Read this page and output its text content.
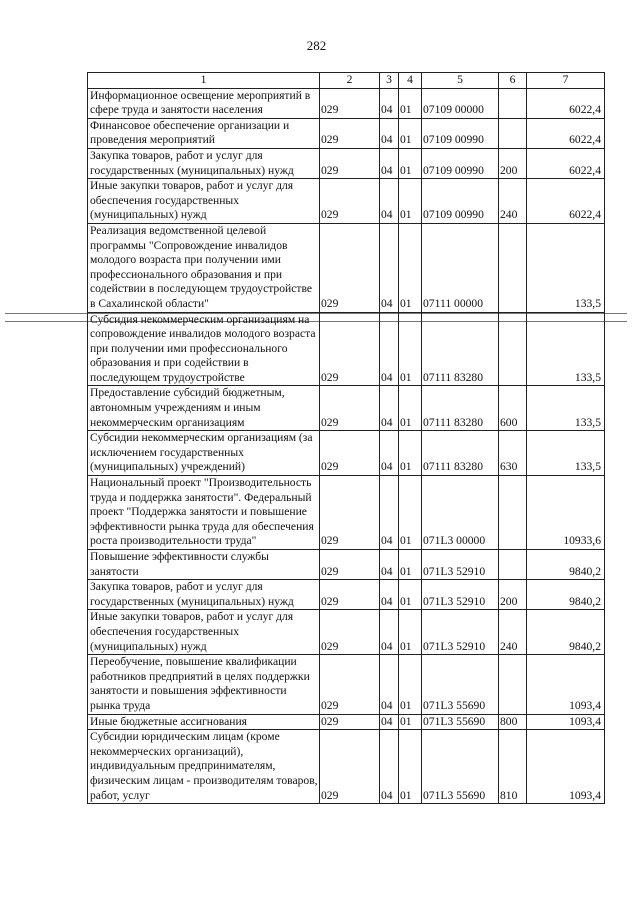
282
1	2	3	4	5	6	7
Информационное освещение мероприятий в сфере труда и занятости населения	029	04	01	07109 00000		6022,4
Финансовое обеспечение организации и проведения мероприятий	029	04	01	07109 00990		6022,4
Закупка товаров, работ и услуг для государственных (муниципальных) нужд	029	04	01	07109 00990	200	6022,4
Иные закупки товаров, работ и услуг для обеспечения государственных (муниципальных) нужд	029	04	01	07109 00990	240	6022,4
Реализация ведомственной целевой программы "Сопровождение инвалидов молодого возраста при получении ими профессионального образования и при содействии в последующем трудоустройстве в Сахалинской области"	029	04	01	07111 00000		133,5
Субсидия некоммерческим организациям на сопровождение инвалидов молодого возраста при получении ими профессионального образования и при содействии в последующем трудоустройстве	029	04	01	07111 83280		133,5
Предоставление субсидий бюджетным, автономным учреждениям и иным некоммерческим организациям	029	04	01	07111 83280	600	133,5
Субсидии некоммерческим организациям (за исключением государственных (муниципальных) учреждений)	029	04	01	07111 83280	630	133,5
Национальный проект "Производительность труда и поддержка занятости". Федеральный проект "Поддержка занятости и повышение эффективности рынка труда для обеспечения роста производительности труда"	029	04	01	071L3 00000		10933,6
Повышение эффективности службы занятости	029	04	01	071L3 52910		9840,2
Закупка товаров, работ и услуг для государственных (муниципальных) нужд	029	04	01	071L3 52910	200	9840,2
Иные закупки товаров, работ и услуг для обеспечения государственных (муниципальных) нужд	029	04	01	071L3 52910	240	9840,2
Переобучение, повышение квалификации работников предприятий в целях поддержки занятости и повышения эффективности рынка труда	029	04	01	071L3 55690		1093,4
Иные бюджетные ассигнования	029	04	01	071L3 55690	800	1093,4
Субсидии юридическим лицам (кроме некоммерческих организаций), индивидуальным предпринимателям, физическим лицам - производителям товаров, работ, услуг	029	04	01	071L3 55690	810	1093,4
